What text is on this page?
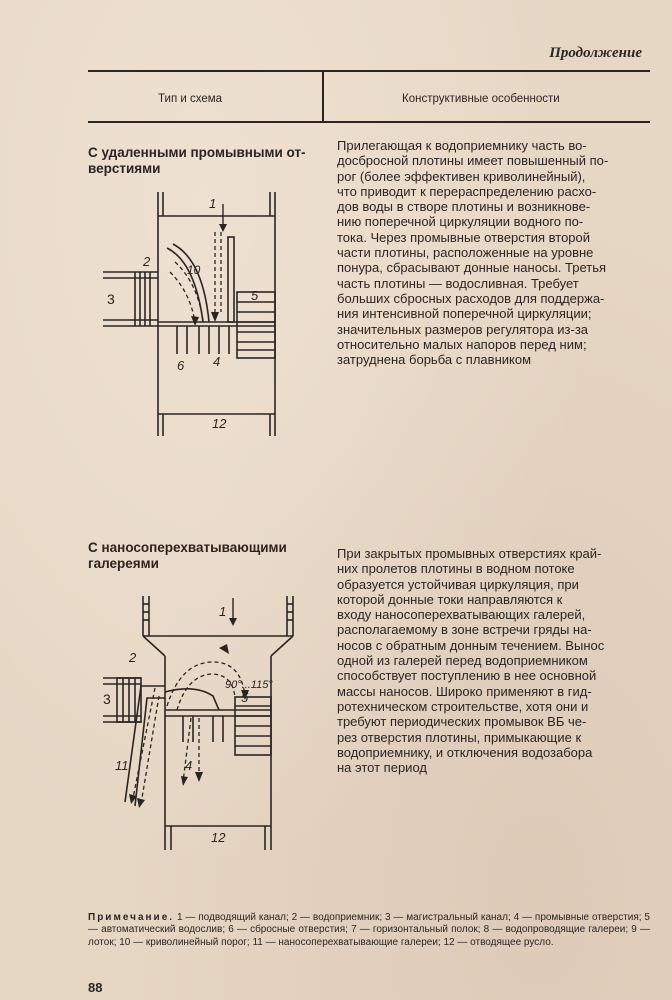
Продолжение
Тип и схема	Конструктивные особенности
С удаленными промывными от-
верстиями
Прилегающая к водоприемнику часть во-
досбросной плотины имеет повышенный по-
рог (более эффективен криволинейный),
что приводит к перераспределению расхо-
дов воды в створе плотины и возникнове-
нию поперечной циркуляции водного по-
тока. Через промывные отверстия второй
части плотины, расположенные на уровне
понура, сбрасывают донные наносы. Третья
часть плотины — водосливная. Требует
больших сбросных расходов для поддержа-
ния интенсивной поперечной циркуляции;
значительных размеров регулятора из-за
относительно малых напоров перед ним;
затруднена борьба с плавником
1
2
10
3	5
6 4
12
С наносоперехватывающими
галереями
При закрытых промывных отверстиях край-
них пролетов плотины в водном потоке
образуется устойчивая циркуляция, при
которой донные токи направляются к
входу наносоперехватывающих галерей,
располагаемому в зоне встречи гряды на-
носов с обратным донным течением. Вынос
одной из галерей перед водоприемником
способствует поступлению в нее основной
массы наносов. Широко применяют в гид-
ротехническом строительстве, хотя они и
требуют периодических промывок ВБ че-
рез отверстия плотины, примыкающие к
водоприемнику, и отключения водозабора
на этот период
1
2
90°...115°
3	5
11	4
12
Примечание. 1 — подводящий канал; 2 — водоприемник; 3 — магистральный канал; 4 — промывные отверстия; 5 — автоматический водослив; 6 — сбросные отверстия; 7 — горизонтальный полок; 8 — водопроводящие галереи; 9 — лоток; 10 — криволинейный порог; 11 — наносоперехватывающие галереи; 12 — отводящее русло.
88
